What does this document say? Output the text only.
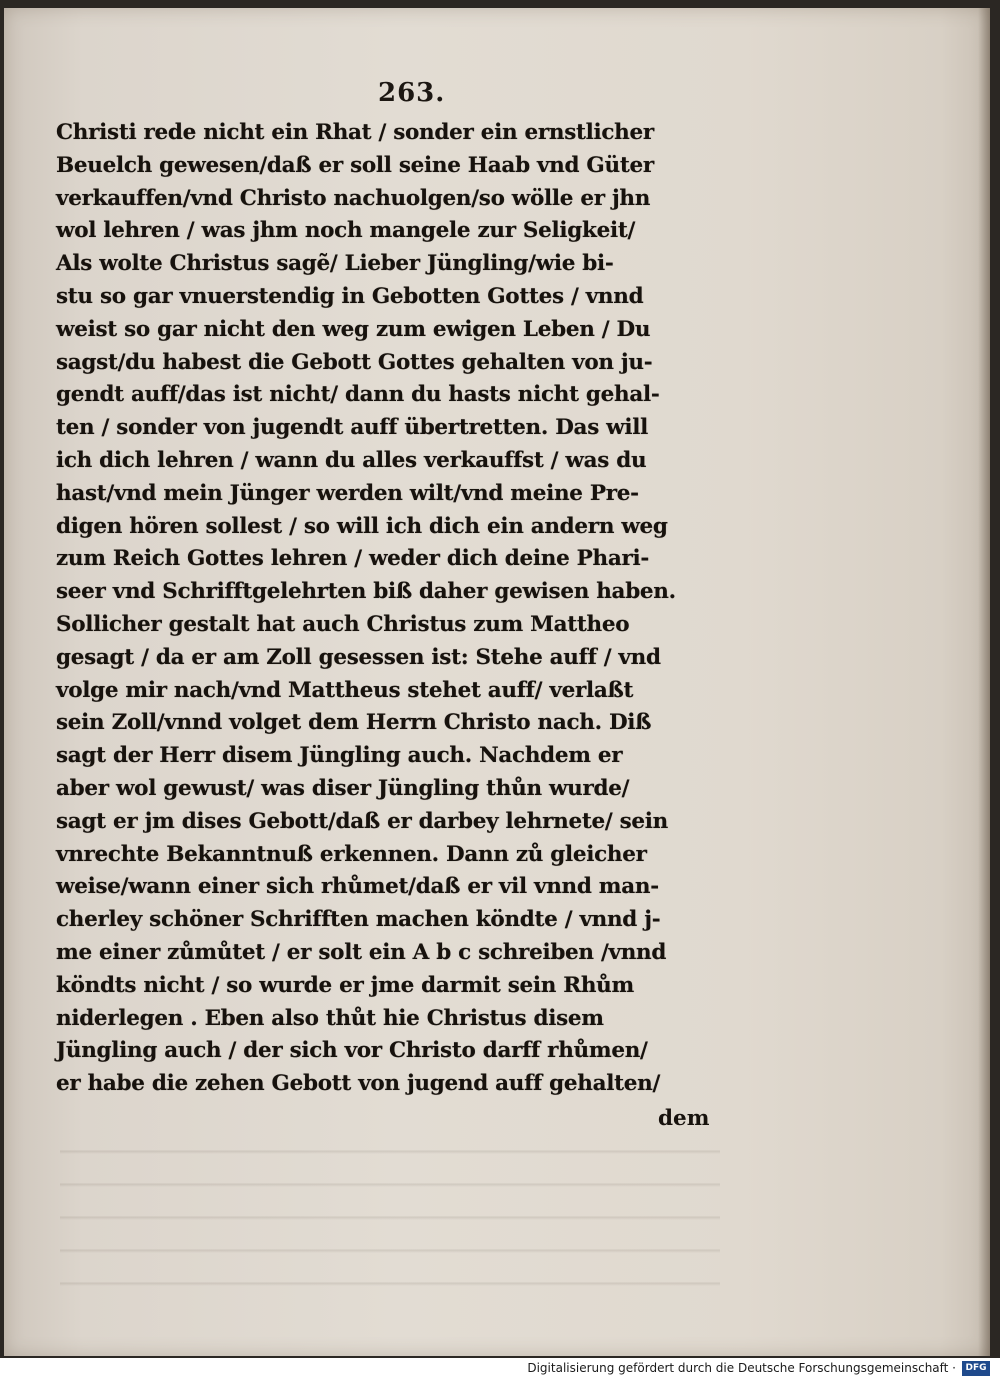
263.
Christi rede nicht ein Rhat / sonder ein ernstlicher
Beuelch gewesen/daß er soll seine Haab vnd Güter
verkauffen/vnd Christo nachuolgen/so wölle er jhn
wol lehren / was jhm noch mangele zur Seligkeit/
Als wolte Christus sagẽ/ Lieber Jüngling/wie bi-
stu so gar vnuerstendig in Gebotten Gottes / vnnd
weist so gar nicht den weg zum ewigen Leben / Du
sagst/du habest die Gebott Gottes gehalten von ju-
gendt auff/das ist nicht/ dann du hasts nicht gehal-
ten / sonder von jugendt auff übertretten. Das will
ich dich lehren / wann du alles verkauffst / was du
hast/vnd mein Jünger werden wilt/vnd meine Pre-
digen hören sollest / so will ich dich ein andern weg
zum Reich Gottes lehren / weder dich deine Phari-
seer vnd Schrifftgelehrten biß daher gewisen haben.
Sollicher gestalt hat auch Christus zum Mattheo
gesagt / da er am Zoll gesessen ist: Stehe auff / vnd
volge mir nach/vnd Mattheus stehet auff/ verlaßt
sein Zoll/vnnd volget dem Herrn Christo nach. Diß
sagt der Herr disem Jüngling auch. Nachdem er
aber wol gewust/ was diser Jüngling thůn wurde/
sagt er jm dises Gebott/daß er darbey lehrnete/ sein
vnrechte Bekanntnuß erkennen. Dann zů gleicher
weise/wann einer sich rhůmet/daß er vil vnnd man-
cherley schöner Schrifften machen köndte / vnnd j-
me einer zůmůtet / er solt ein A b c schreiben /vnnd
köndts nicht / so wurde er jme darmit sein Rhům
niderlegen . Eben also thůt hie Christus disem
Jüngling auch / der sich vor Christo darff rhůmen/
er habe die zehen Gebott von jugend auff gehalten/
dem
Digitalisierung gefördert durch die Deutsche Forschungsgemeinschaft ·	DFG
